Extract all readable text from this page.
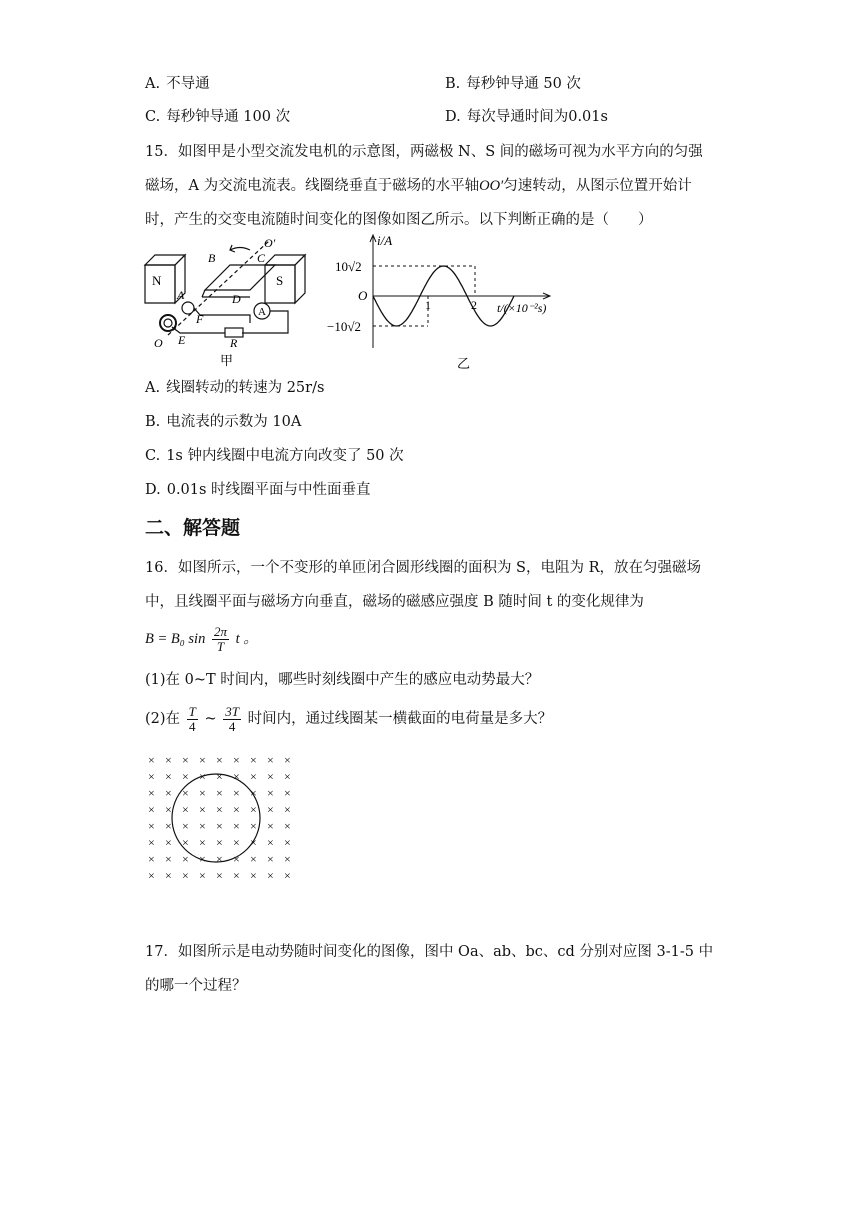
A. 不导通	B. 每秒钟导通 50 次
C. 每秒钟导通 100 次	D. 每次导通时间为0.01s
15．如图甲是小型交流发电机的示意图，两磁极 N、S 间的磁场可视为水平方向的匀强
磁场，A 为交流电流表。线圈绕垂直于磁场的水平轴OO′匀速转动，从图示位置开始计
时，产生的交变电流随时间变化的图像如图乙所示。以下判断正确的是（　　）
N	S
B	C
O′
A	D
F
E	R
O
A
甲
i/A
O
10√2
−10√2
1	2 t/(×10⁻²s)
乙
A. 线圈转动的转速为 25r/s
B. 电流表的示数为 10A
C. 1s 钟内线圈中电流方向改变了 50 次
D. 0.01s 时线圈平面与中性面垂直
二、解答题
16．如图所示，一个不变形的单匝闭合圆形线圈的面积为 S，电阻为 R，放在匀强磁场
中，且线圈平面与磁场方向垂直，磁场的磁感应强度 B 随时间 t 的变化规律为
B = B₀ $\sin \frac{2\pi}{T}$ t 。
(1)在 0~T 时间内，哪些时刻线圈中产生的感应电动势最大？
(2)在 $\frac{T}{4}$ ~ $\frac{3T}{4}$ 时间内，通过线圈某一横截面的电荷量是多大？
× × × × × × × × ×
× × × × × × × × ×
× × × × × × × × ×
× × × × × × × × ×
× × × × × × × × ×
× × × × × × × × ×
× × × × × × × × ×
× × × × × × × × ×
17．如图所示是电动势随时间变化的图像，图中 Oa、ab、bc、cd 分别对应图 3-1-5 中
的哪一个过程？
